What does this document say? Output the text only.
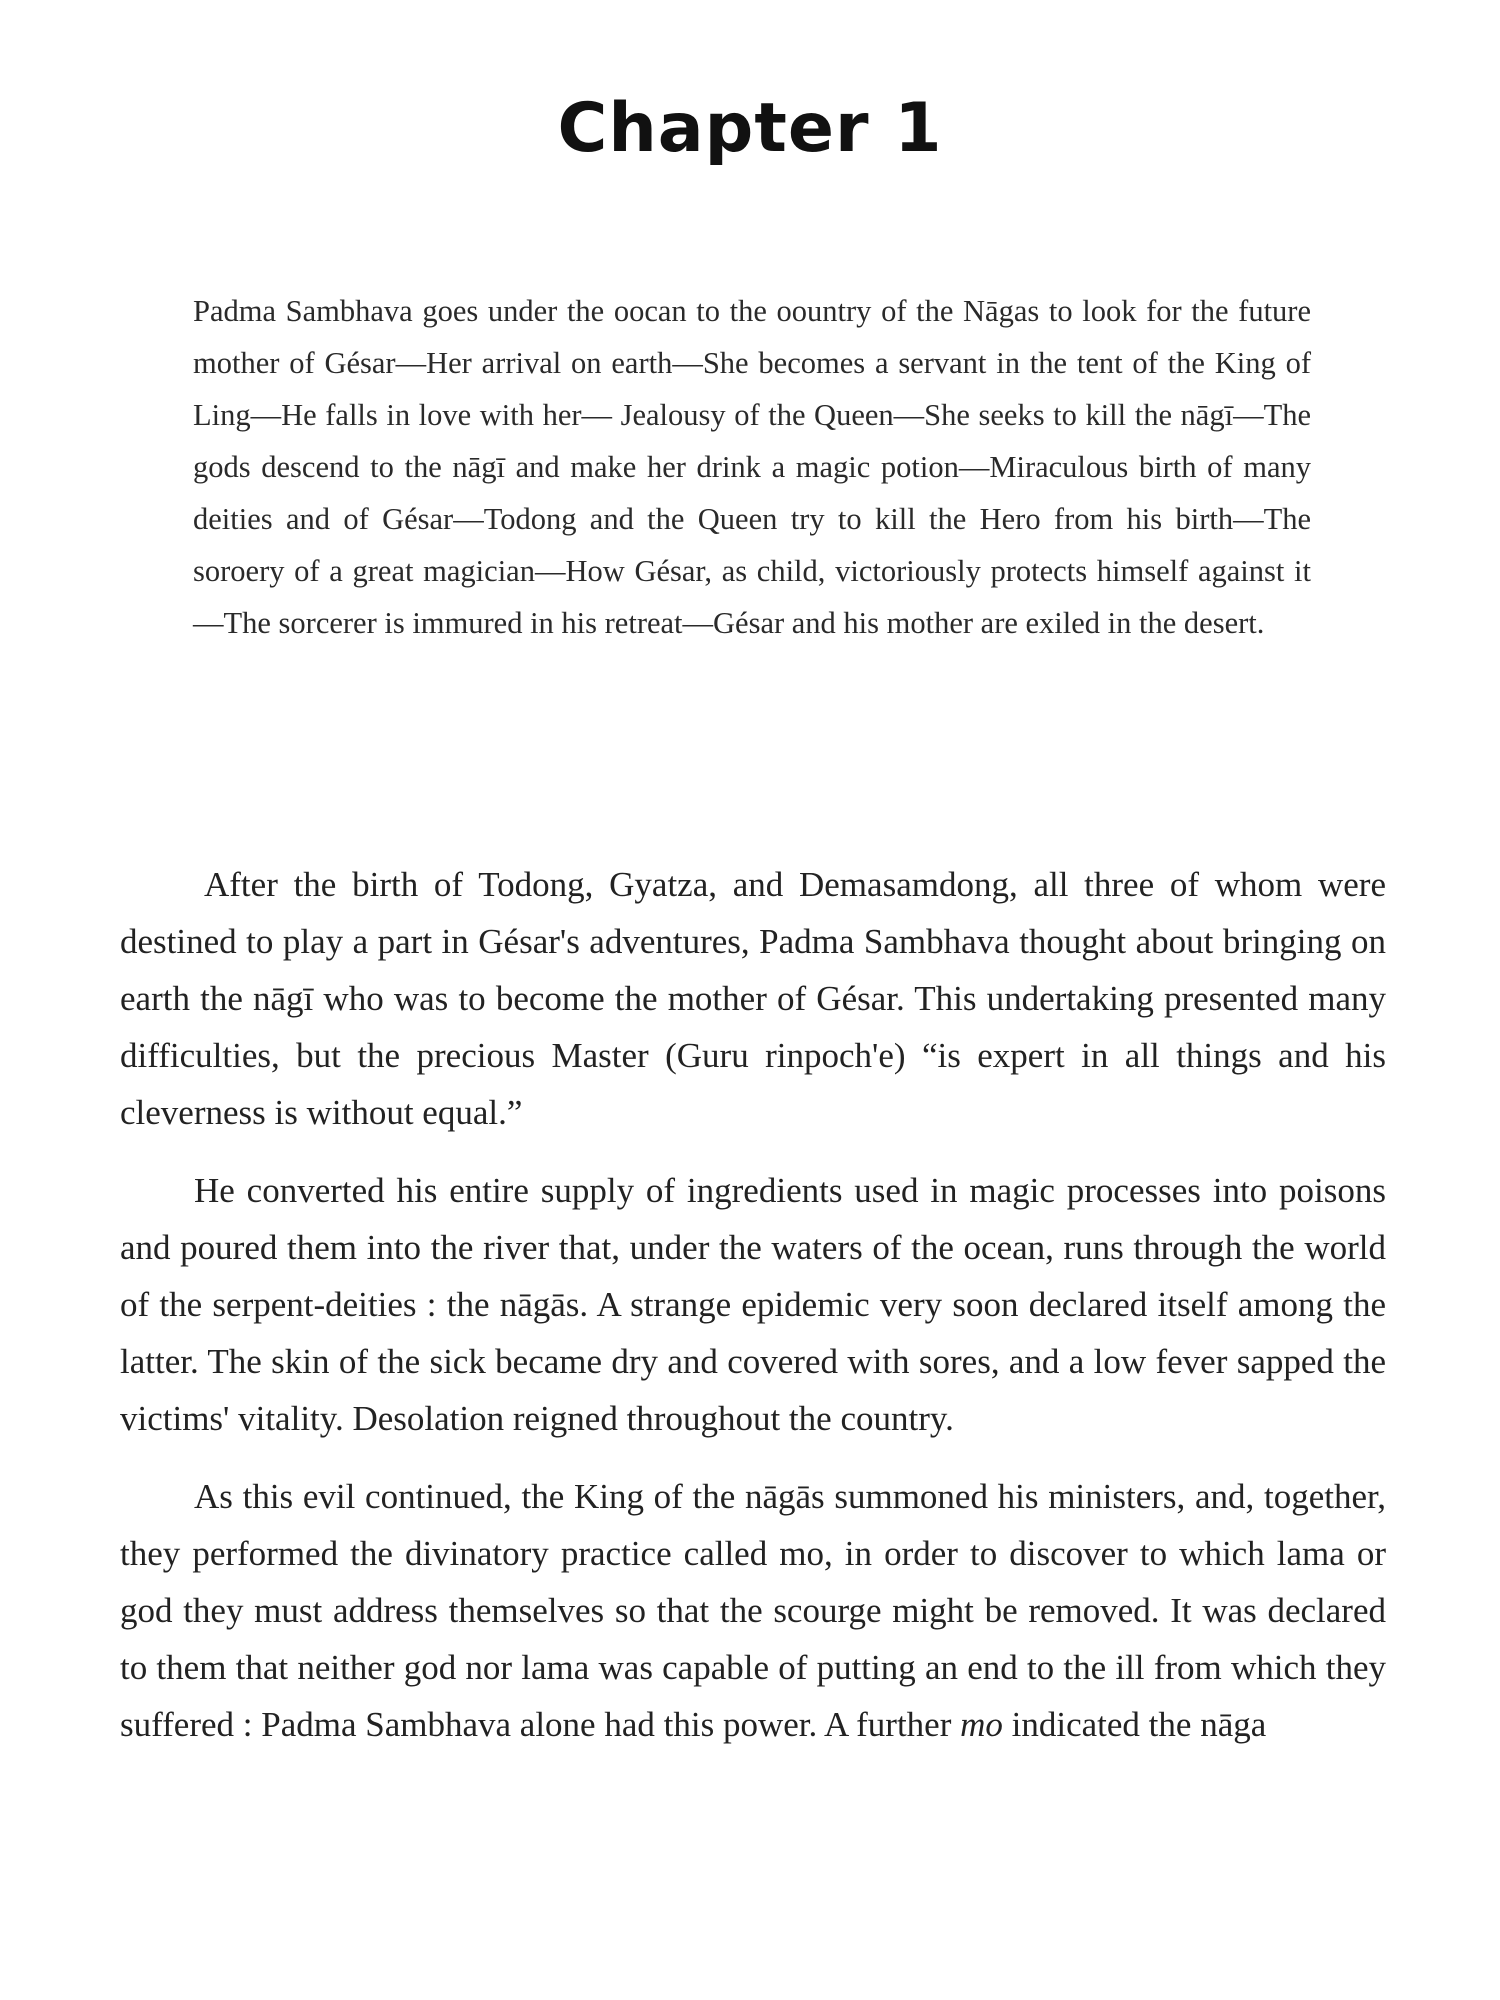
Chapter 1

Padma Sambhava goes under the oocan to the oountry of the Nāgas to look for the future mother of Gésar—Her arrival on earth—She becomes a servant in the tent of the King of Ling—He falls in love with her— Jealousy of the Queen—She seeks to kill the nāgī—The gods descend to the nāgī and make her drink a magic potion—Miraculous birth of many deities and of Gésar—Todong and the Queen try to kill the Hero from his birth—The soroery of a great magician—How Gésar, as child, victoriously protects himself against it—The sorcerer is immured in his retreat—Gésar and his mother are exiled in the desert.

After the birth of Todong, Gyatza, and Demasamdong, all three of whom were destined to play a part in Gésar's adventures, Padma Sambhava thought about bringing on earth the nāgī who was to become the mother of Gésar. This undertaking presented many difficulties, but the precious Master (Guru rinpoch'e) “is expert in all things and his cleverness is without equal.”

He converted his entire supply of ingredients used in magic processes into poisons and poured them into the river that, under the waters of the ocean, runs through the world of the serpent-deities : the nāgās. A strange epidemic very soon declared itself among the latter. The skin of the sick became dry and covered with sores, and a low fever sapped the victims' vitality. Desolation reigned throughout the country.

As this evil continued, the King of the nāgās summoned his ministers, and, together, they performed the divinatory practice called mo, in order to discover to which lama or god they must address themselves so that the scourge might be removed. It was declared to them that neither god nor lama was capable of putting an end to the ill from which they suffered : Padma Sambhava alone had this power. A further mo indicated the nāga
